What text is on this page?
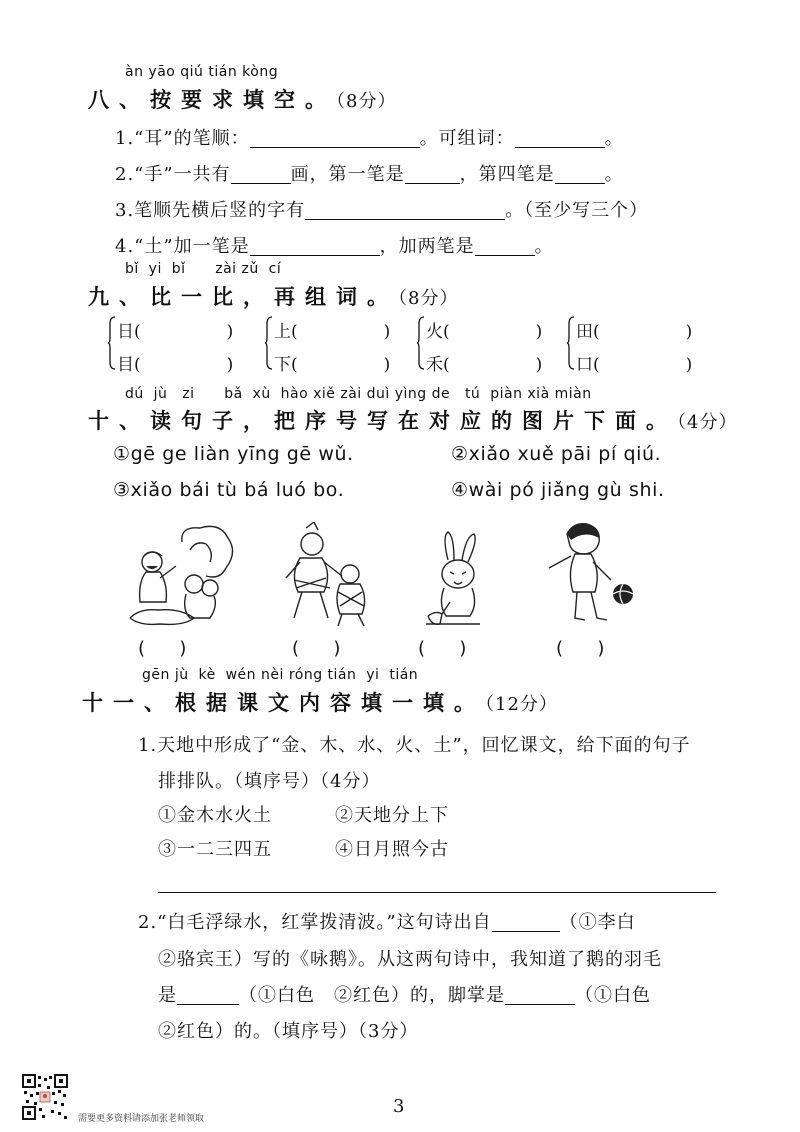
àn yāo qiú tián kòng
八、按要求填空。（8分）
1.“耳”的笔顺：	。可组词：	。
2.“手”一共有	画，第一笔是	，第四笔是	。
3.笔顺先横后竖的字有	。（至少写三个）
4.“土”加一笔是	，加两笔是	。
bǐ  yi  bǐ      zài zǔ  cí
九、比一比，再组词。（8分）
日(	)
目(	)
上(	)
下(	)
火(	)
禾(	)
田(	)
口(	)
dú  jù   zi      bǎ  xù  hào xiě zài duì yìng de   tú  piàn xià miàn
十、读句子，把序号写在对应的图片下面。（4分）
①gē ge liàn yīng gē wǔ.	②xiǎo xuě pāi pí qiú.
③xiǎo bái tù bá luó bo.	④wài pó jiǎng gù shi.
(      )	(      )	(      )	(      )
gēn jù  kè  wén nèi róng tián  yi  tián
十一、根据课文内容填一填。（12分）
1.天地中形成了“金、木、水、火、土”，回忆课文，给下面的句子
排排队。（填序号）（4分）
①金木水火土	②天地分上下
③一二三四五	④日月照今古
2.“白毛浮绿水，红掌拨清波。”这句诗出自	（①李白
②骆宾王）写的《咏鹅》。从这两句诗中，我知道了鹅的羽毛
是	（①白色　②红色）的，脚掌是	（①白色
②红色）的。（填序号）（3分）
需要更多资料请添加张老师领取
3
